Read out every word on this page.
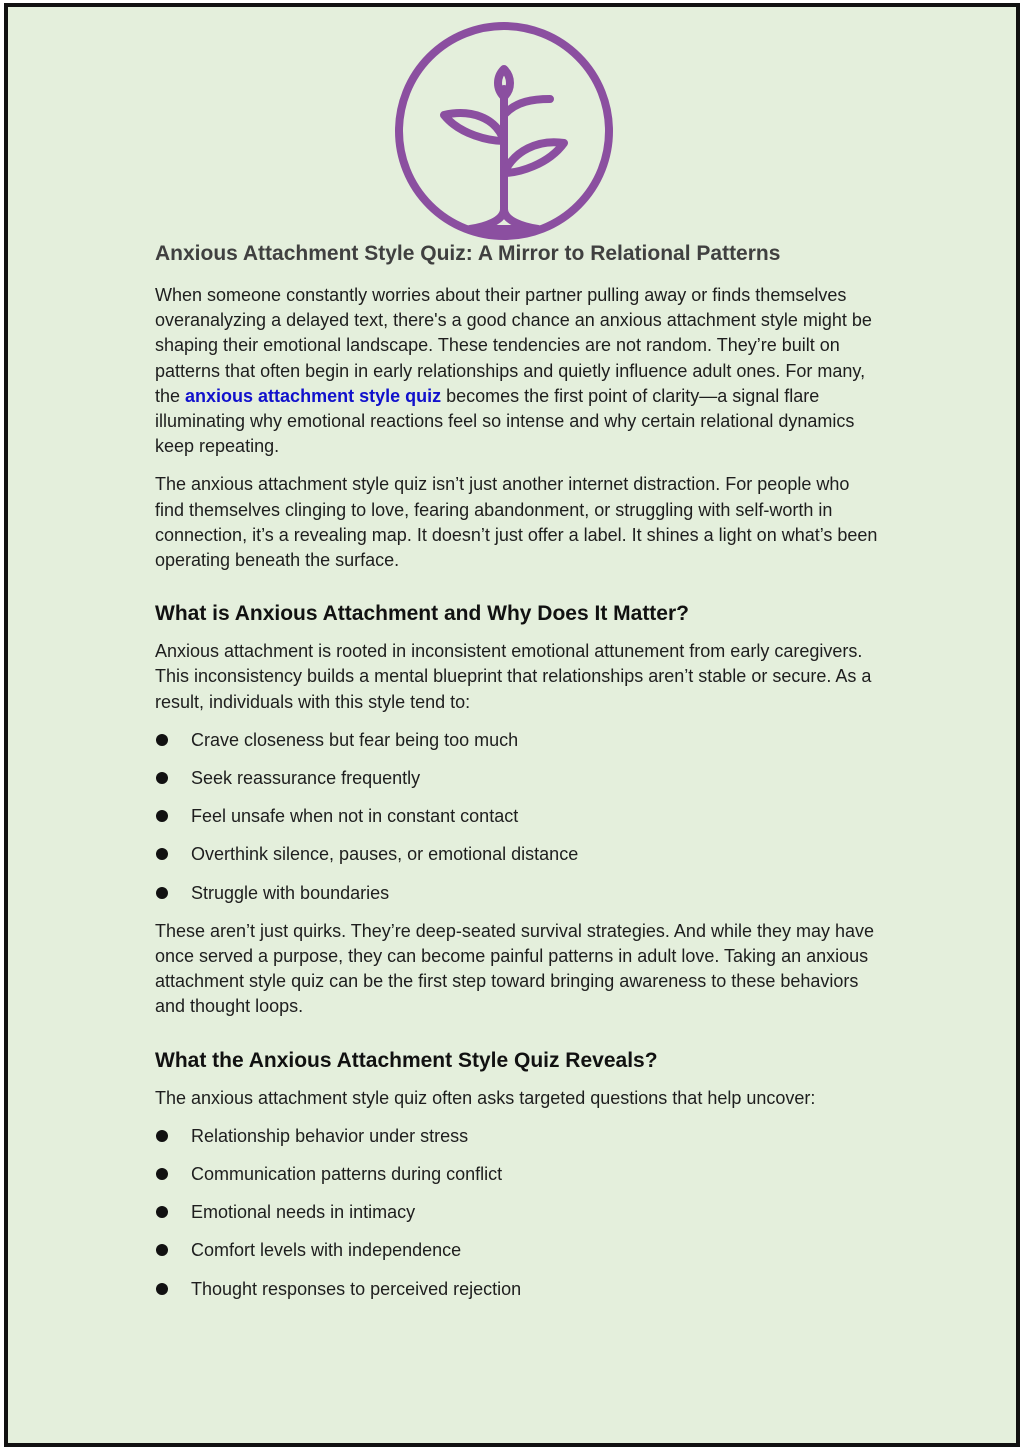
Anxious Attachment Style Quiz: A Mirror to Relational Patterns

When someone constantly worries about their partner pulling away or finds themselves overanalyzing a delayed text, there's a good chance an anxious attachment style might be shaping their emotional landscape. These tendencies are not random. They’re built on patterns that often begin in early relationships and quietly influence adult ones. For many, the anxious attachment style quiz becomes the first point of clarity—a signal flare illuminating why emotional reactions feel so intense and why certain relational dynamics keep repeating.

The anxious attachment style quiz isn’t just another internet distraction. For people who find themselves clinging to love, fearing abandonment, or struggling with self-worth in connection, it’s a revealing map. It doesn’t just offer a label. It shines a light on what’s been operating beneath the surface.

What is Anxious Attachment and Why Does It Matter?

Anxious attachment is rooted in inconsistent emotional attunement from early caregivers. This inconsistency builds a mental blueprint that relationships aren’t stable or secure. As a result, individuals with this style tend to:

Crave closeness but fear being too much
Seek reassurance frequently
Feel unsafe when not in constant contact
Overthink silence, pauses, or emotional distance
Struggle with boundaries

These aren’t just quirks. They’re deep-seated survival strategies. And while they may have once served a purpose, they can become painful patterns in adult love. Taking an anxious attachment style quiz can be the first step toward bringing awareness to these behaviors and thought loops.

What the Anxious Attachment Style Quiz Reveals?

The anxious attachment style quiz often asks targeted questions that help uncover:

Relationship behavior under stress
Communication patterns during conflict
Emotional needs in intimacy
Comfort levels with independence
Thought responses to perceived rejection
